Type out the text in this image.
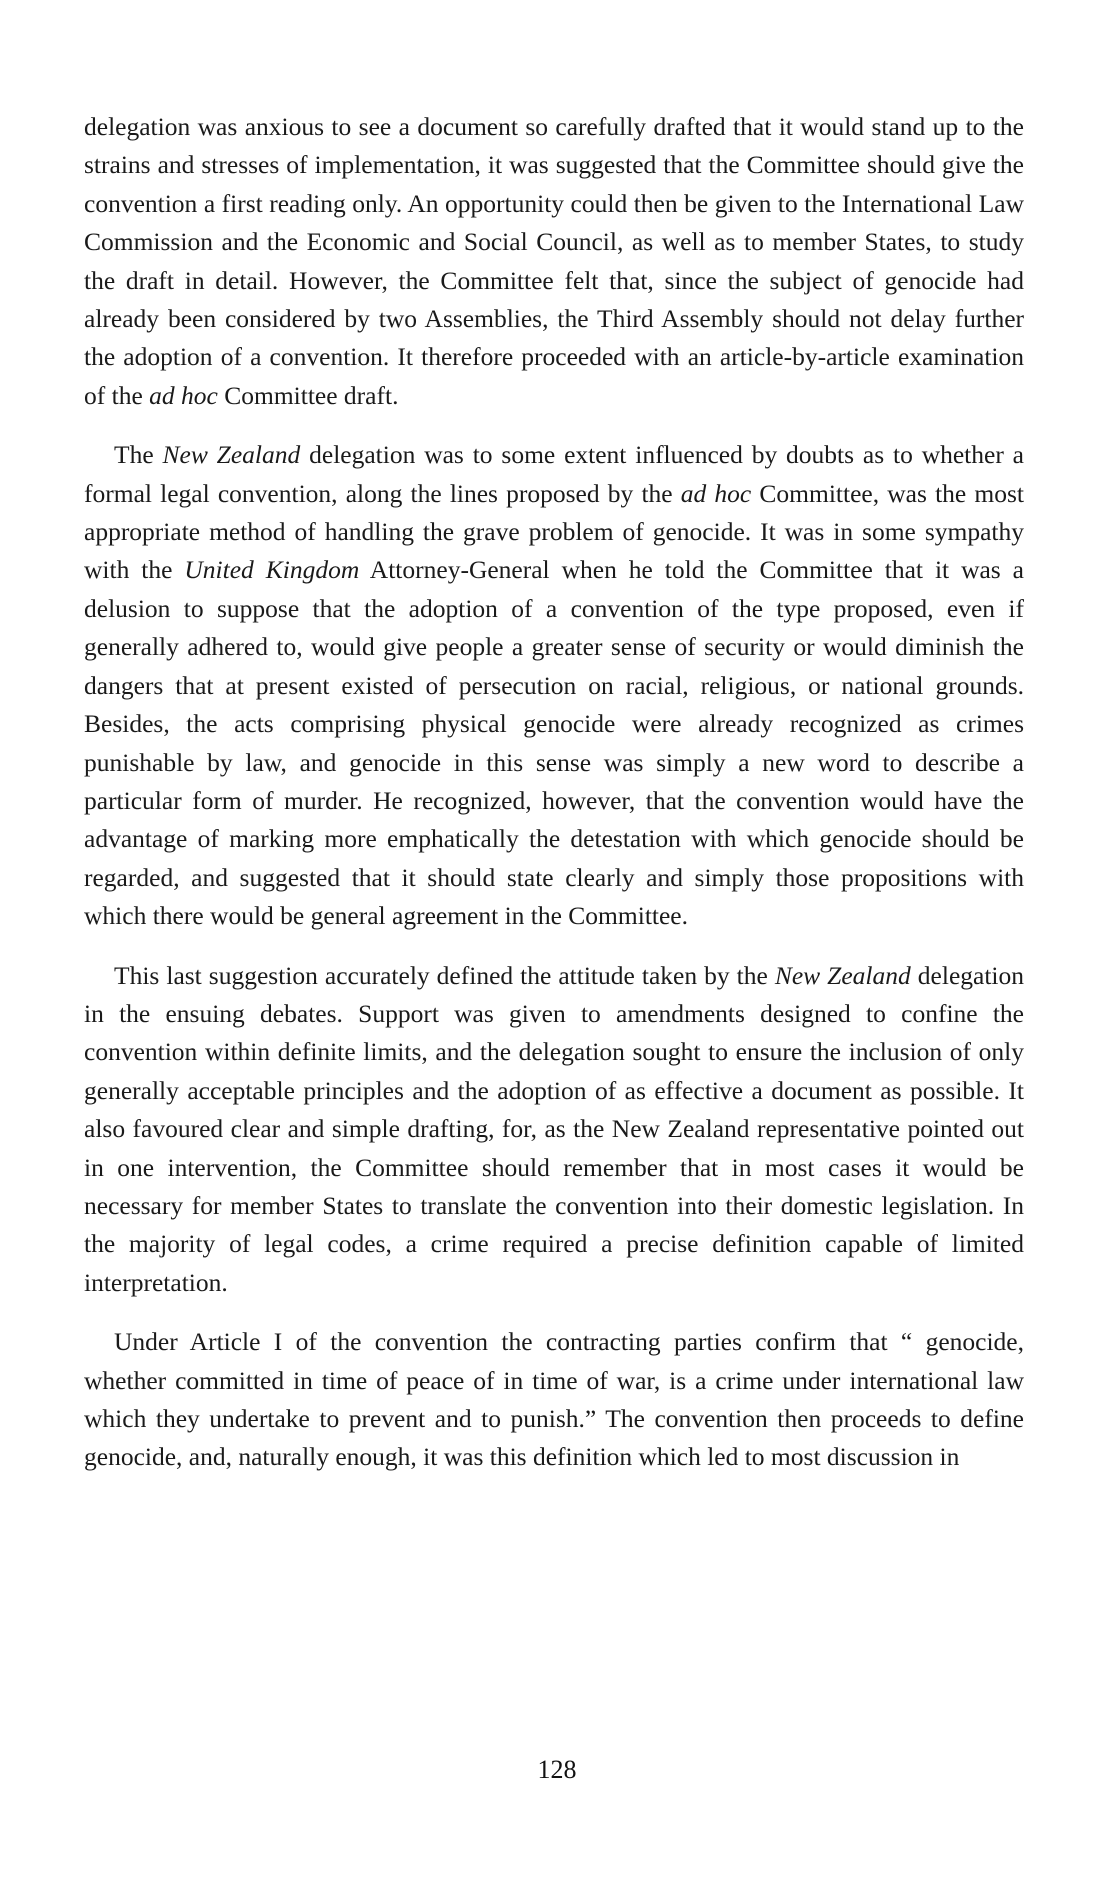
delegation was anxious to see a document so carefully drafted that it would stand up to the strains and stresses of implementation, it was suggested that the Committee should give the convention a first reading only. An opportunity could then be given to the International Law Commission and the Economic and Social Council, as well as to member States, to study the draft in detail. However, the Committee felt that, since the subject of genocide had already been considered by two Assemblies, the Third Assembly should not delay further the adoption of a convention. It therefore proceeded with an article-by-article examination of the ad hoc Committee draft.

The New Zealand delegation was to some extent influenced by doubts as to whether a formal legal convention, along the lines proposed by the ad hoc Committee, was the most appropriate method of handling the grave problem of genocide. It was in some sympathy with the United Kingdom Attorney-General when he told the Committee that it was a delusion to suppose that the adoption of a convention of the type proposed, even if generally adhered to, would give people a greater sense of security or would diminish the dangers that at present existed of persecution on racial, religious, or national grounds. Besides, the acts comprising physical genocide were already recognized as crimes punishable by law, and genocide in this sense was simply a new word to describe a particular form of murder. He recognized, however, that the convention would have the advantage of marking more emphatically the detestation with which genocide should be regarded, and suggested that it should state clearly and simply those propositions with which there would be general agreement in the Committee.

This last suggestion accurately defined the attitude taken by the New Zealand delegation in the ensuing debates. Support was given to amendments designed to confine the convention within definite limits, and the delegation sought to ensure the inclusion of only generally acceptable principles and the adoption of as effective a document as possible. It also favoured clear and simple drafting, for, as the New Zealand representative pointed out in one intervention, the Committee should remember that in most cases it would be necessary for member States to translate the convention into their domestic legislation. In the majority of legal codes, a crime required a precise definition capable of limited interpretation.

Under Article I of the convention the contracting parties confirm that “ genocide, whether committed in time of peace of in time of war, is a crime under international law which they undertake to prevent and to punish.” The convention then proceeds to define genocide, and, naturally enough, it was this definition which led to most discussion in

128
